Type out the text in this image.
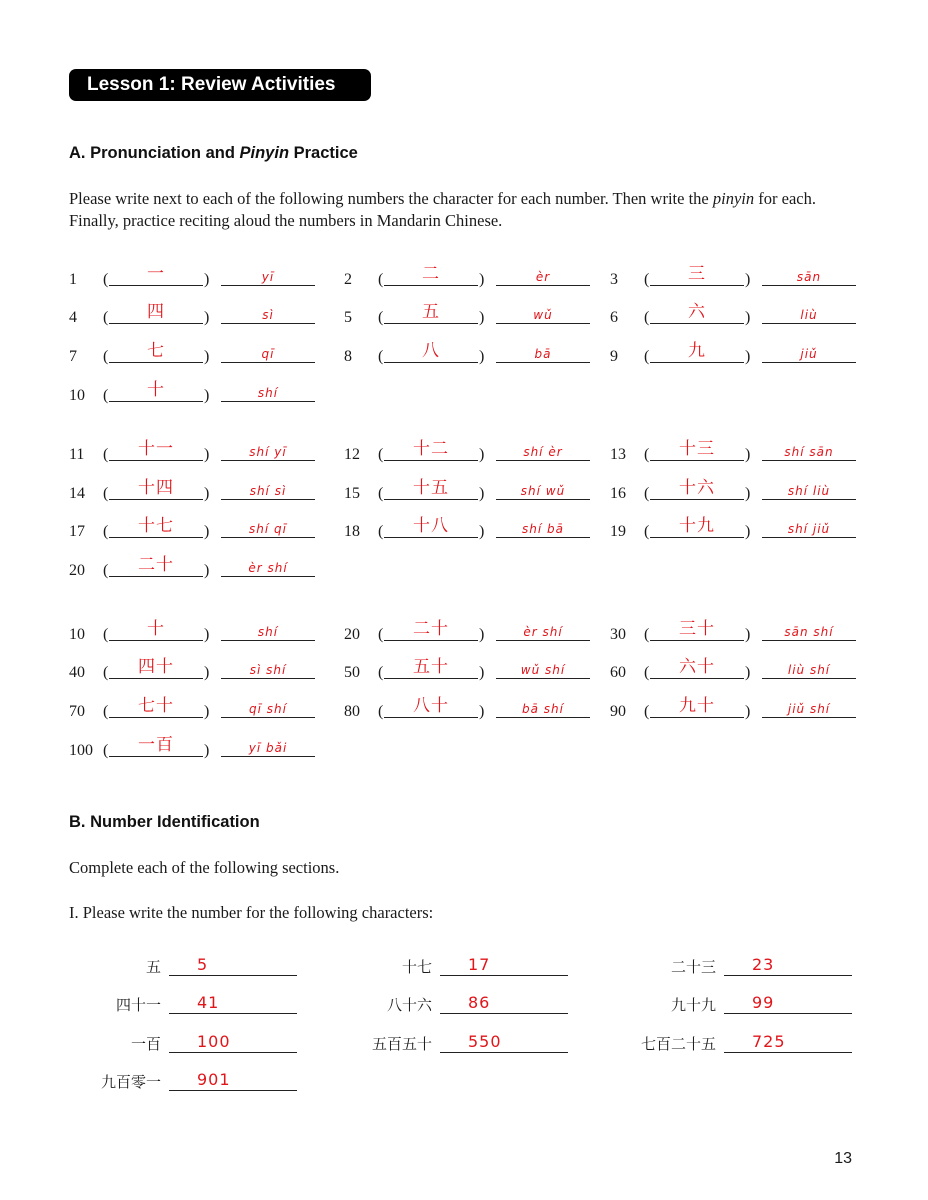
Lesson 1: Review Activities
A. Pronunciation and Pinyin Practice
Please write next to each of the following numbers the character for each number. Then write the pinyin for each. Finally, practice reciting aloud the numbers in Mandarin Chinese.
1 (	一	)	yī	2 (	二	)	èr	3 (	三	)	sān
4 (	四	)	sì	5 (	五	)	wǔ	6 (	六	)	liù
7 (	七	)	qī	8 (	八	)	bā	9 (	九	)	jiǔ
10 (	十	)	shí
11 (	十一	)	shí yī	12 (	十二	)	shí èr	13 (	十三	)	shí sān
14 (	十四	)	shí sì	15 (	十五	)	shí wǔ	16 (	十六	)	shí liù
17 (	十七	)	shí qī	18 (	十八	)	shí bā	19 (	十九	)	shí jiǔ
20 (	二十	)	èr shí
10 (	十	)	shí	20 (	二十	)	èr shí	30 (	三十	)	sān shí
40 (	四十	)	sì shí	50 (	五十	)	wǔ shí	60 (	六十	)	liù shí
70 (	七十	)	qī shí	80 (	八十	)	bā shí	90 (	九十	)	jiǔ shí
100 (	一百	)	yī bǎi
B. Number Identification
Complete each of the following sections.
I. Please write the number for the following characters:
五 5	十七 17	二十三 23
四十一 41	八十六 86	九十九 99
一百 100	五百五十 550	七百二十五 725
九百零一 901
13
